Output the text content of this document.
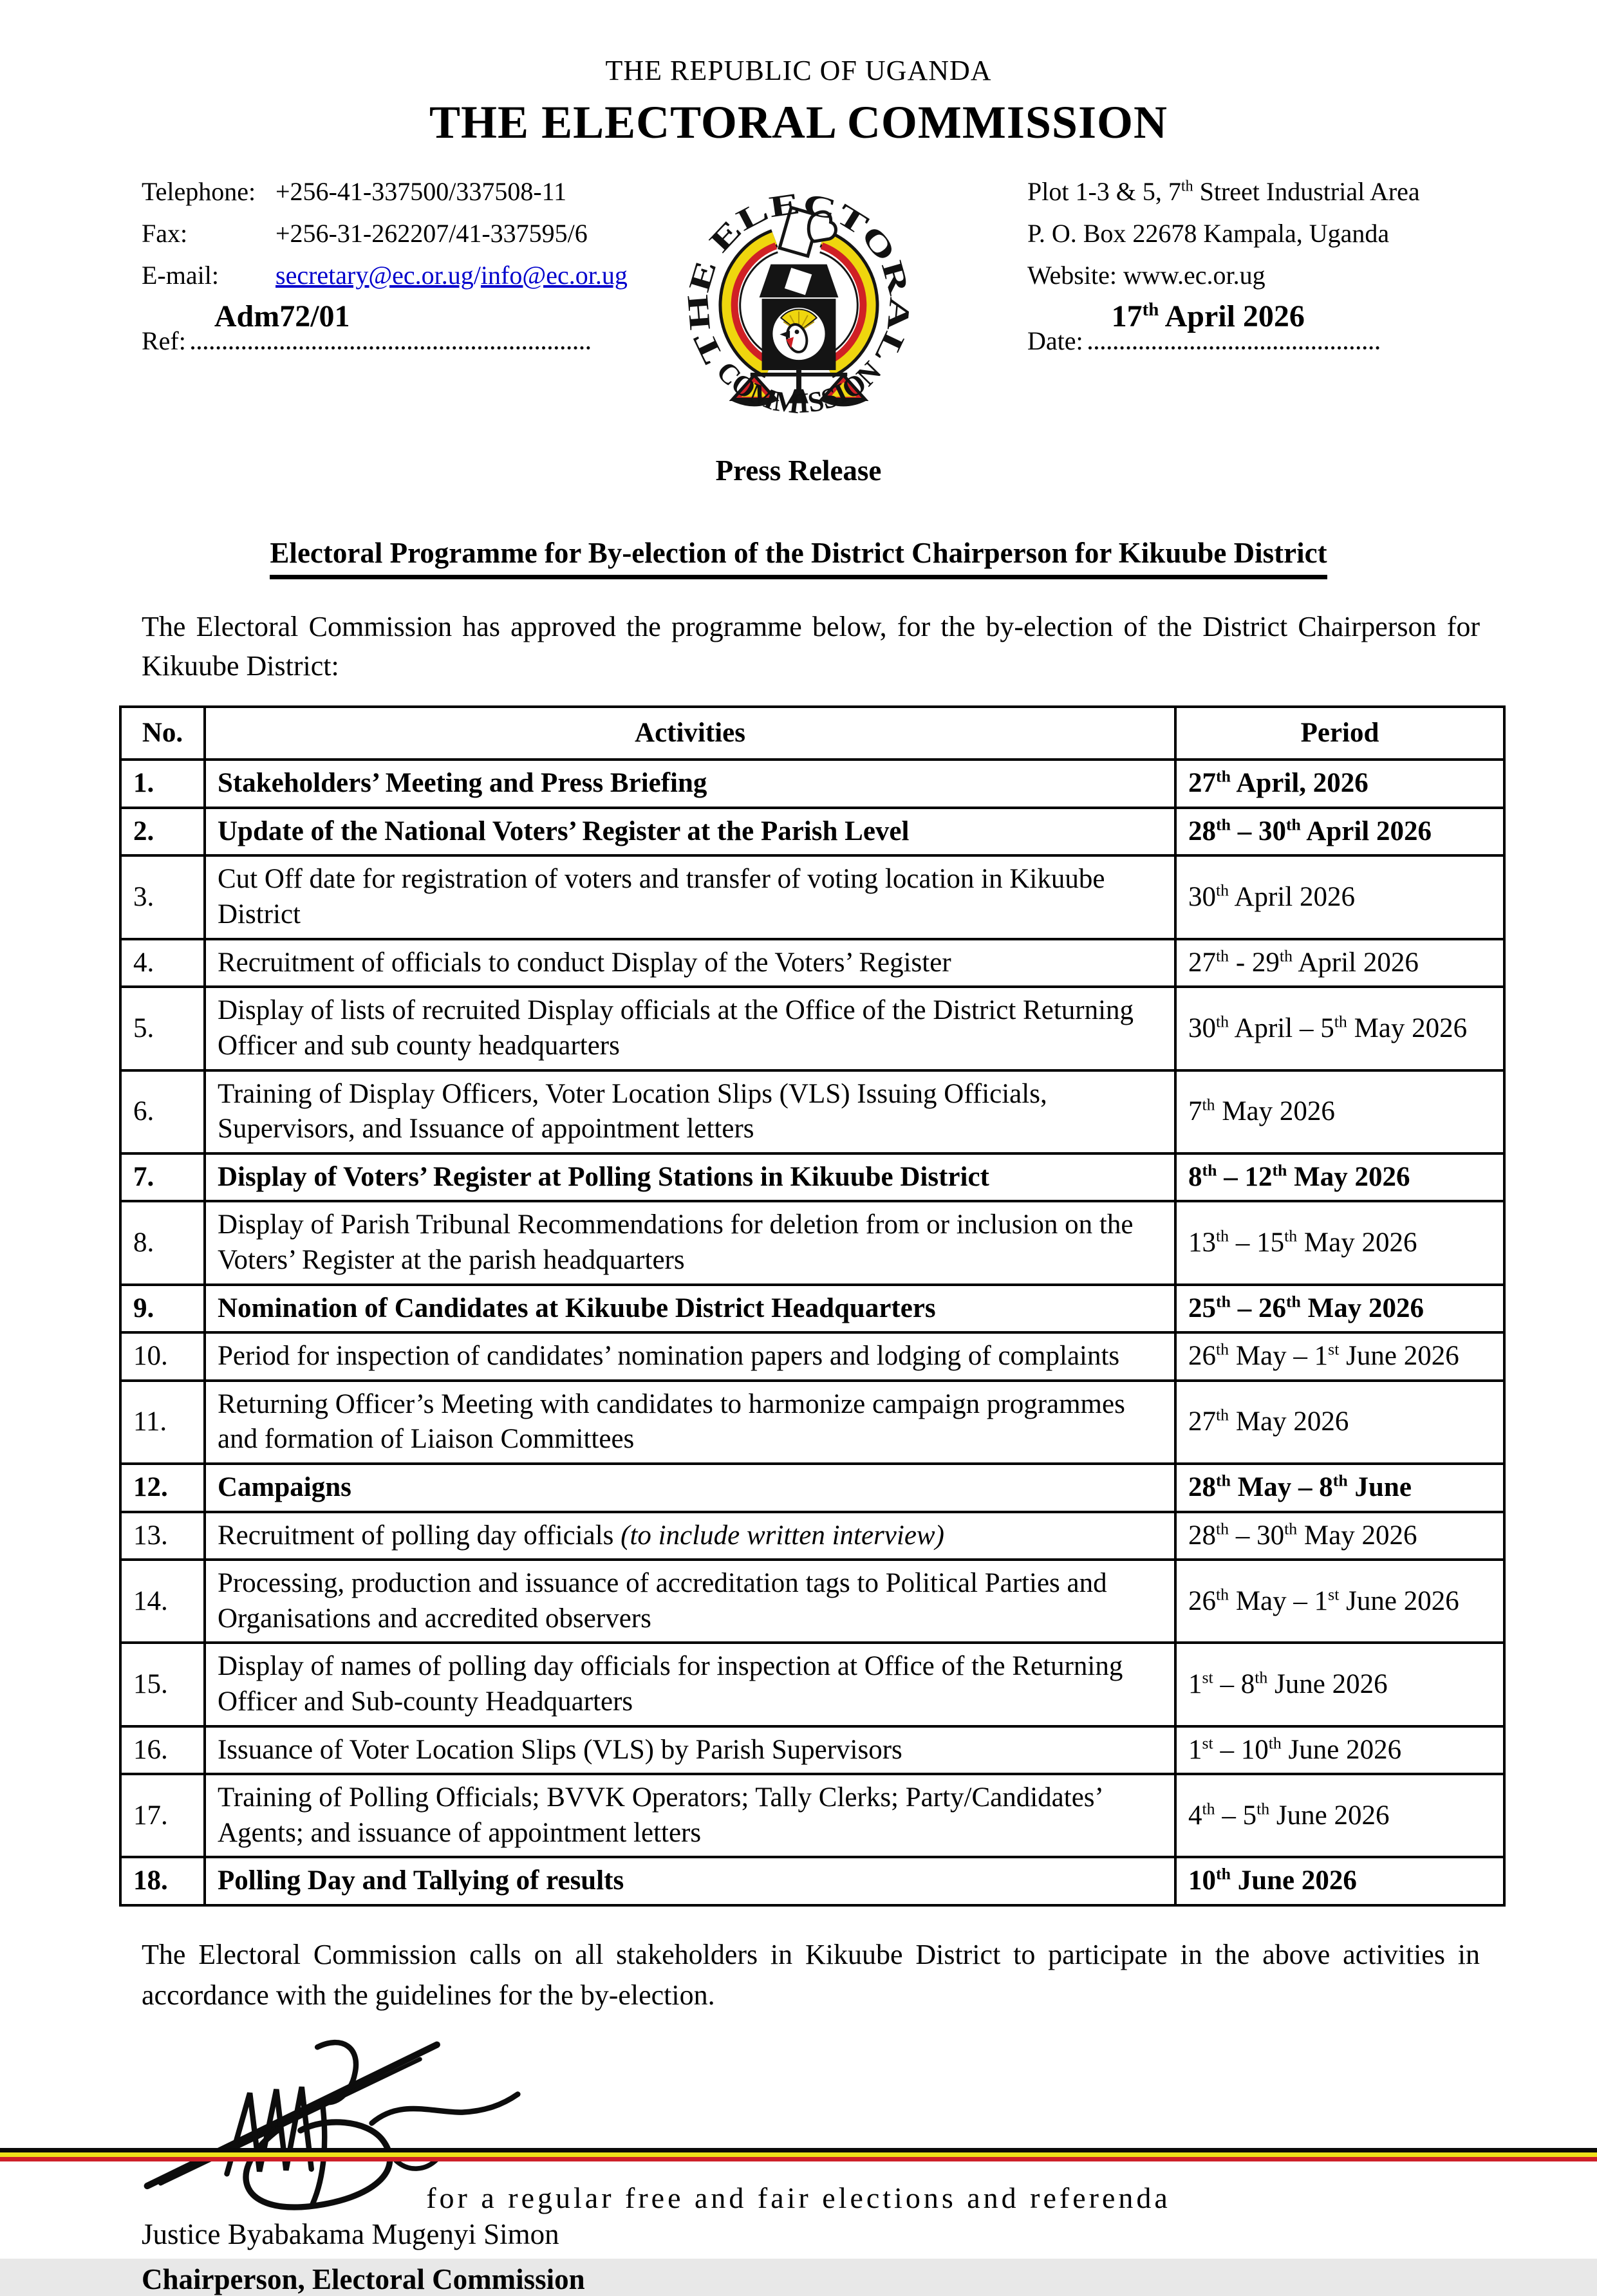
THE REPUBLIC OF UGANDA
THE ELECTORAL COMMISSION
THE ELECTORAL
COMMISSION
Telephone: +256-41-337500/337508-11
Fax:	+256-31-262207/41-337595/6
E-mail:	secretary@ec.or.ug/info@ec.or.ug
Ref:
Adm72/01
Plot 1-3 & 5, 7th Street Industrial Area
P. O. Box 22678 Kampala, Uganda
Website: www.ec.or.ug
Date:
17th April 2026
Press Release
Electoral Programme for By-election of the District Chairperson for Kikuube District

The Electoral Commission has approved the programme below, for the by-election of the District Chairperson for Kikuube District:

No.	Activities	Period
1.	Stakeholders’ Meeting and Press Briefing	27th April, 2026
2.	Update of the National Voters’ Register at the Parish Level	28th – 30th April 2026
3.	Cut Off date for registration of voters and transfer of voting location in Kikuube District	30th April 2026
4.	Recruitment of officials to conduct Display of the Voters’ Register	27th - 29th April 2026
5.	Display of lists of recruited Display officials at the Office of the District Returning Officer and sub county headquarters	30th April – 5th May 2026
6.	Training of Display Officers, Voter Location Slips (VLS) Issuing Officials, Supervisors, and Issuance of appointment letters	7th May 2026
7.	Display of Voters’ Register at Polling Stations in Kikuube District	8th – 12th May 2026
8.	Display of Parish Tribunal Recommendations for deletion from or inclusion on the Voters’ Register at the parish headquarters	13th – 15th May 2026
9.	Nomination of Candidates at Kikuube District Headquarters	25th – 26th May 2026
10.	Period for inspection of candidates’ nomination papers and lodging of complaints	26th May – 1st June 2026
11.	Returning Officer’s Meeting with candidates to harmonize campaign programmes and formation of Liaison Committees	27th May 2026
12.	Campaigns	28th May – 8th June
13.	Recruitment of polling day officials (to include written interview)	28th – 30th May 2026
14.	Processing, production and issuance of accreditation tags to Political Parties and Organisations and accredited observers	26th May – 1st June 2026
15.	Display of names of polling day officials for inspection at Office of the Returning Officer and Sub-county Headquarters	1st – 8th June 2026
16.	Issuance of Voter Location Slips (VLS) by Parish Supervisors	1st – 10th June 2026
17.	Training of Polling Officials; BVVK Operators; Tally Clerks; Party/Candidates’ Agents; and issuance of appointment letters	4th – 5th June 2026
18.	Polling Day and Tallying of results	10th June 2026

The Electoral Commission calls on all stakeholders in Kikuube District to participate in the above activities in accordance with the guidelines for the by-election.

Justice Byabakama Mugenyi Simon
Chairperson, Electoral Commission
for a regular free and fair elections and referenda
